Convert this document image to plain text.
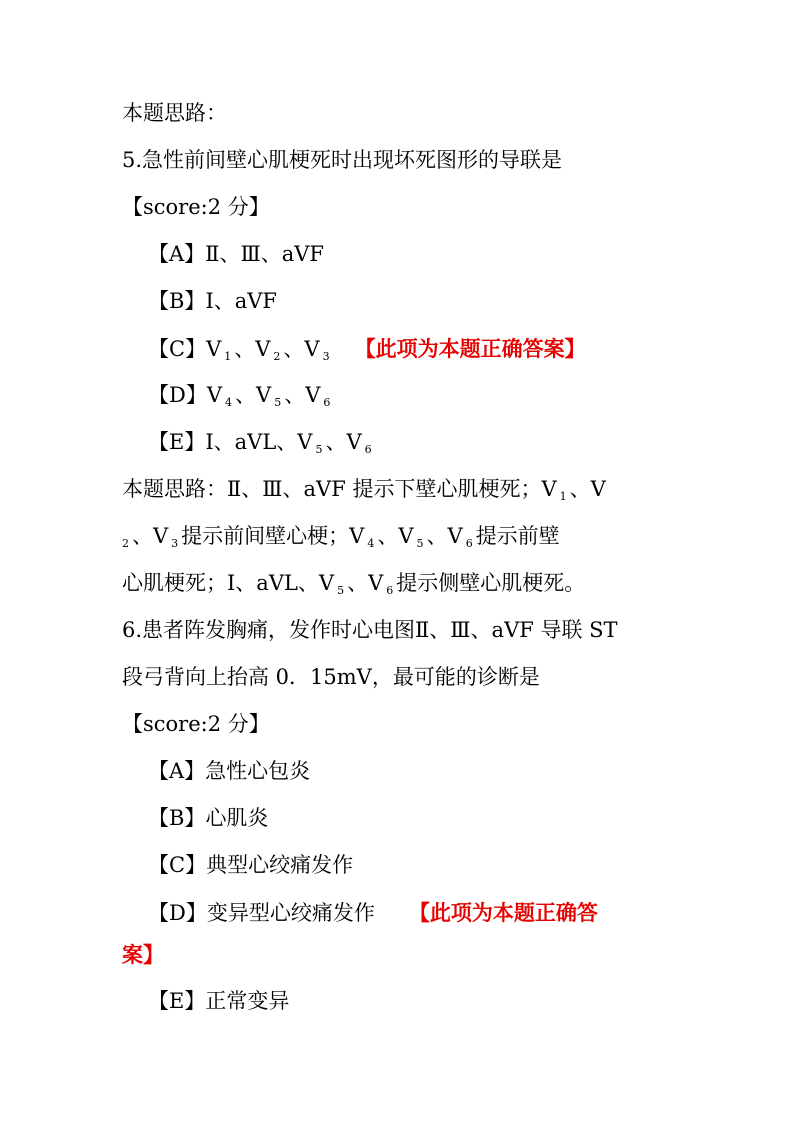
本题思路：
5.急性前间壁心肌梗死时出现坏死图形的导联是
【score:2 分】
【A】Ⅱ、Ⅲ、aVF
【B】Ⅰ、aVF
【C】V $_1$ 、V $_2$ 、V $_3$ 【此项为本题正确答案】
【D】V $_4$ 、V $_5$ 、V $_6$
【E】I、aVL、V $_5$ 、V $_6$
本题思路：Ⅱ、Ⅲ、aVF 提示下壁心肌梗死；V $_1$ 、V
$_2$ 、V $_3$ 提示前间壁心梗；V $_4$ 、V $_5$ 、V $_6$ 提示前壁
心肌梗死；Ⅰ、aVL、V $_5$ 、V $_6$ 提示侧壁心肌梗死。
6.患者阵发胸痛，发作时心电图Ⅱ、Ⅲ、aVF 导联 ST
段弓背向上抬高 0．15mV，最可能的诊断是
【score:2 分】
【A】急性心包炎
【B】心肌炎
【C】典型心绞痛发作
【D】变异型心绞痛发作 【此项为本题正确答
案】
【E】正常变异
